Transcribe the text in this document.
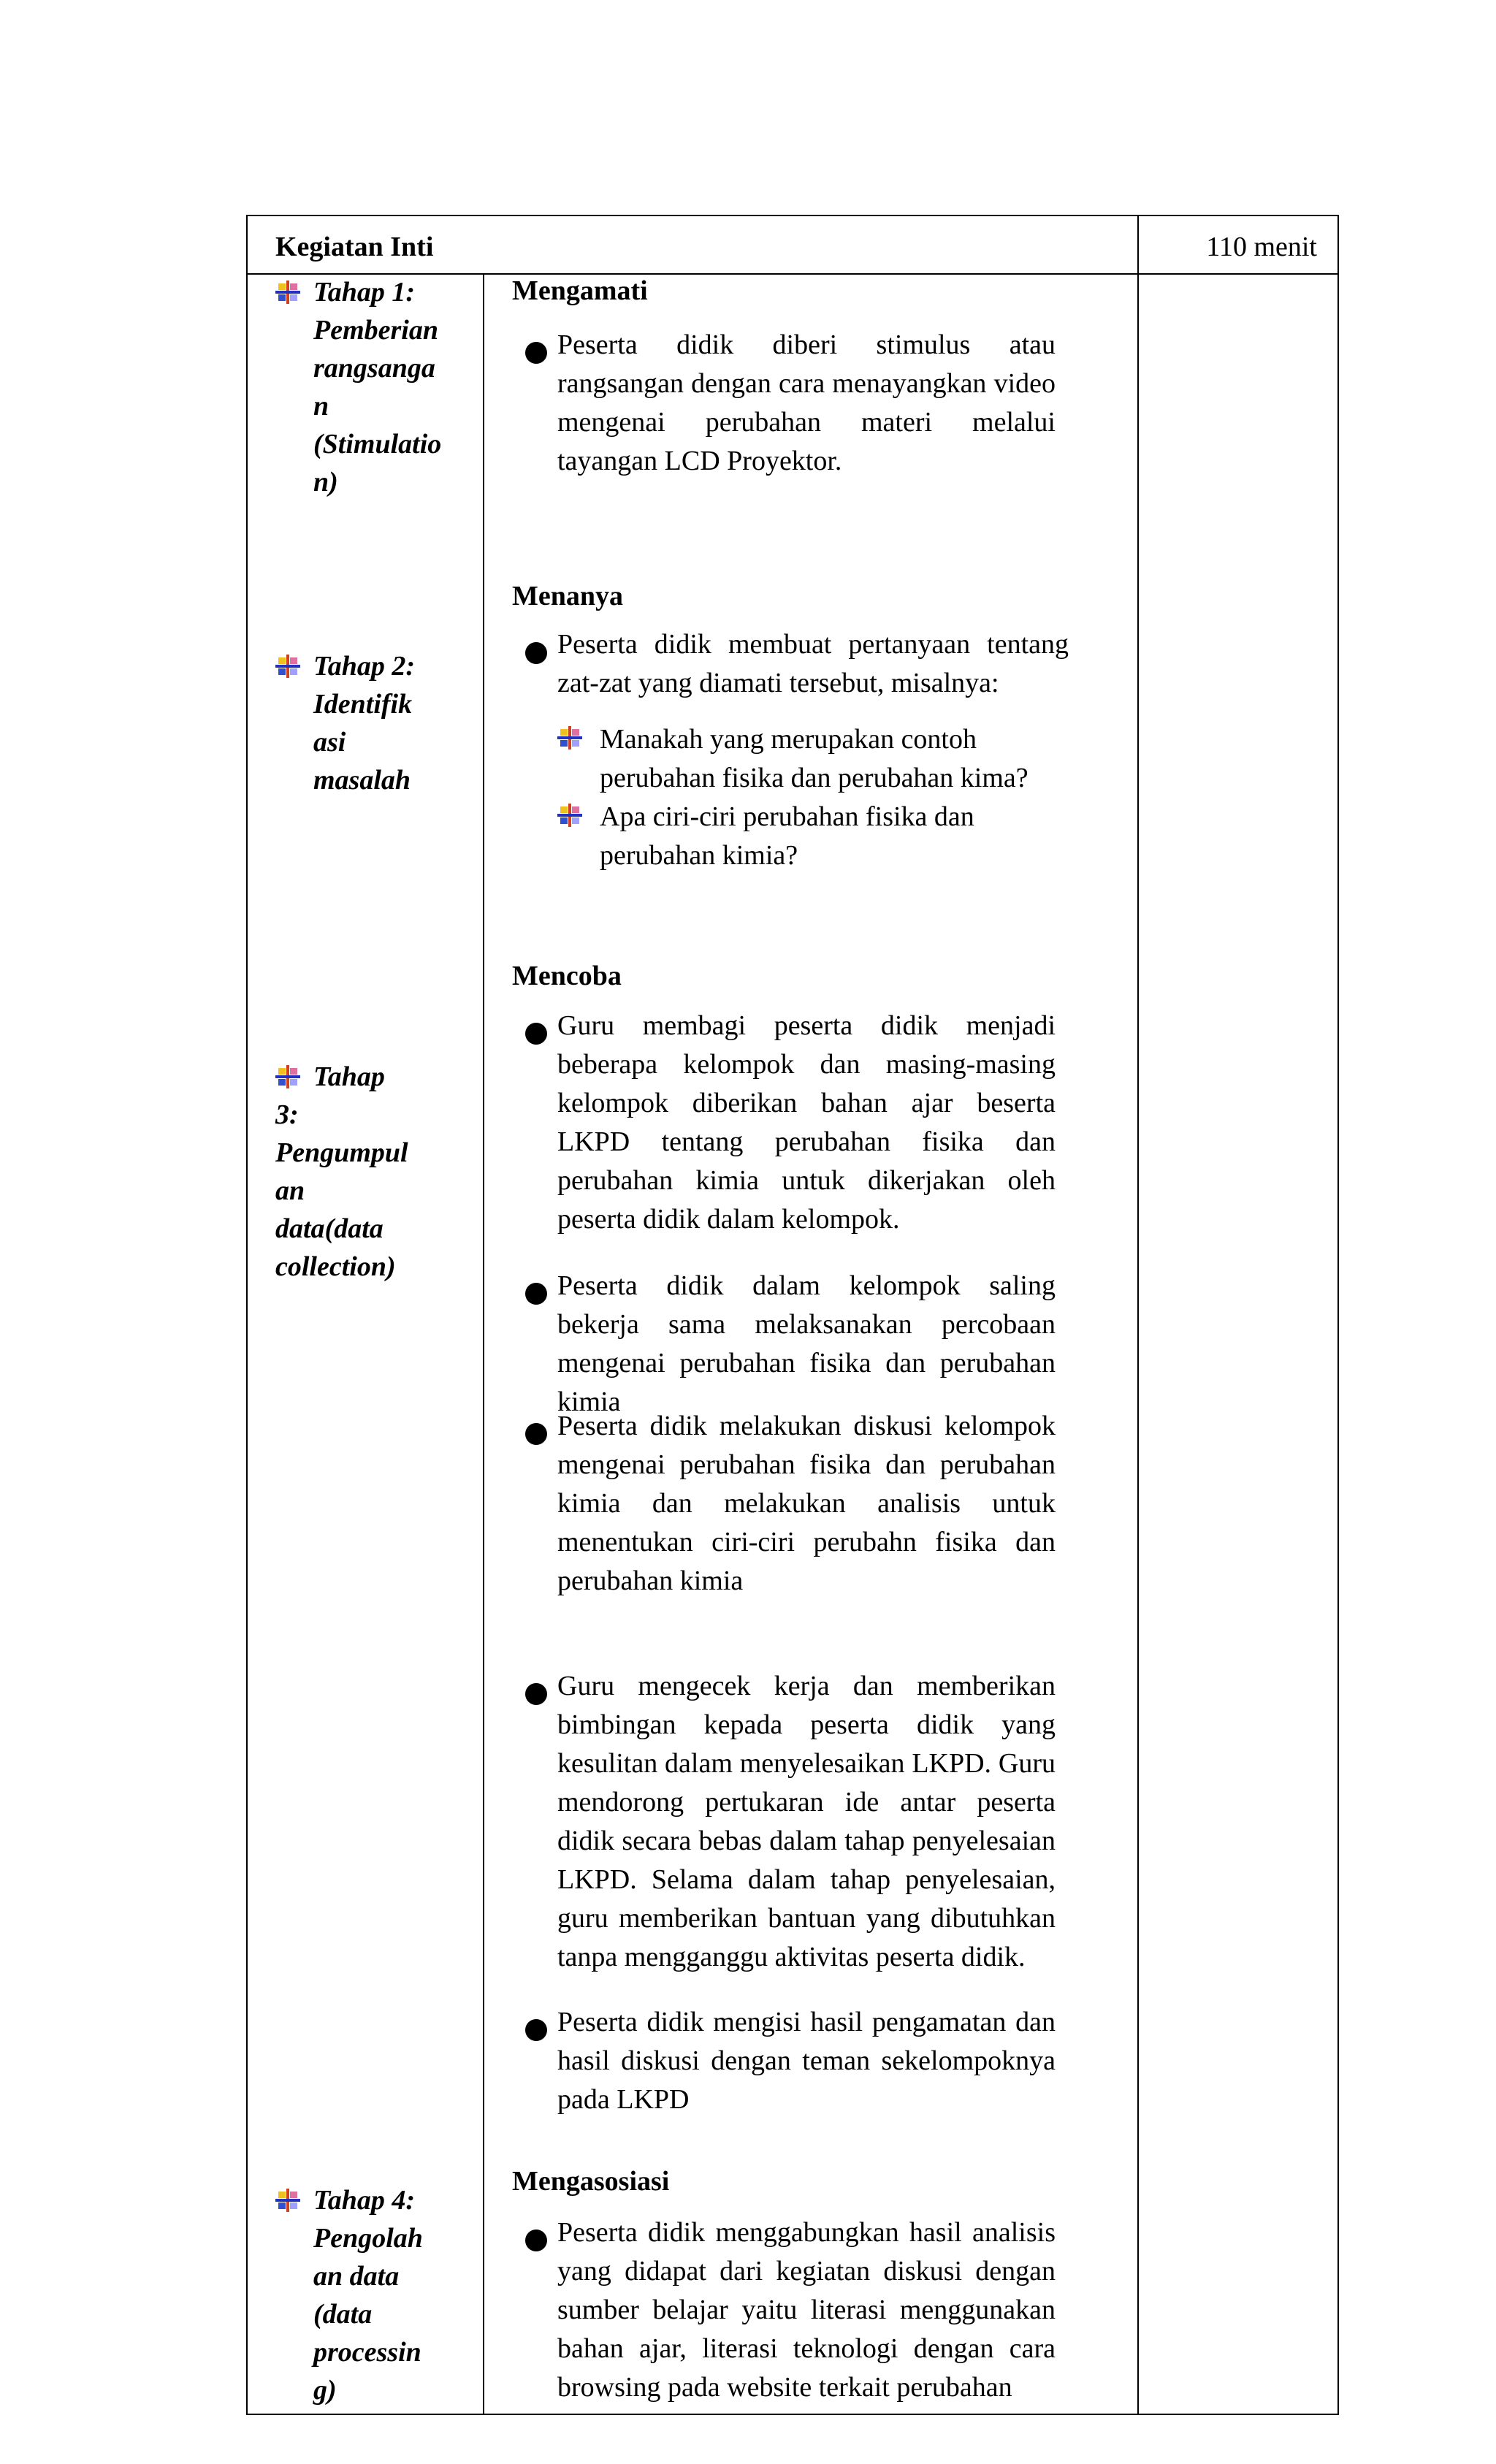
Kegiatan Inti	110 menit
Tahap 1:
Pemberian
rangsanga
n
(Stimulatio
n)
Tahap 2:
Identifik
asi
masalah
Tahap
3:
Pengumpul
an
data(data
collection)
Tahap 4:
Pengolah
an data
(data
processin
g)
Mengamati
Peserta didik diberi stimulus atau rangsangan dengan cara menayangkan video mengenai perubahan materi melalui tayangan LCD Proyektor.
Menanya
Peserta didik membuat pertanyaan tentang zat-zat yang diamati tersebut, misalnya:
Manakah yang merupakan contoh perubahan fisika dan perubahan kima?
Apa ciri-ciri perubahan fisika dan perubahan kimia?
Mencoba
Guru membagi peserta didik menjadi beberapa kelompok dan masing-masing kelompok diberikan bahan ajar beserta LKPD tentang perubahan fisika dan perubahan kimia untuk dikerjakan oleh peserta didik dalam kelompok.
Peserta didik dalam kelompok saling bekerja sama melaksanakan percobaan mengenai perubahan fisika dan perubahan kimia
Peserta didik melakukan diskusi kelompok mengenai perubahan fisika dan perubahan kimia dan melakukan analisis untuk menentukan ciri-ciri perubahn fisika dan perubahan kimia
Guru mengecek kerja dan memberikan bimbingan kepada peserta didik yang kesulitan dalam menyelesaikan LKPD. Guru mendorong pertukaran ide antar peserta didik secara bebas dalam tahap penyelesaian LKPD. Selama dalam tahap penyelesaian, guru memberikan bantuan yang dibutuhkan tanpa mengganggu aktivitas peserta didik.
Peserta didik mengisi hasil pengamatan dan hasil diskusi dengan teman sekelompoknya pada LKPD
Mengasosiasi
Peserta didik menggabungkan hasil analisis yang didapat dari kegiatan diskusi dengan sumber belajar yaitu literasi menggunakan bahan ajar, literasi teknologi dengan cara browsing pada website terkait perubahan
